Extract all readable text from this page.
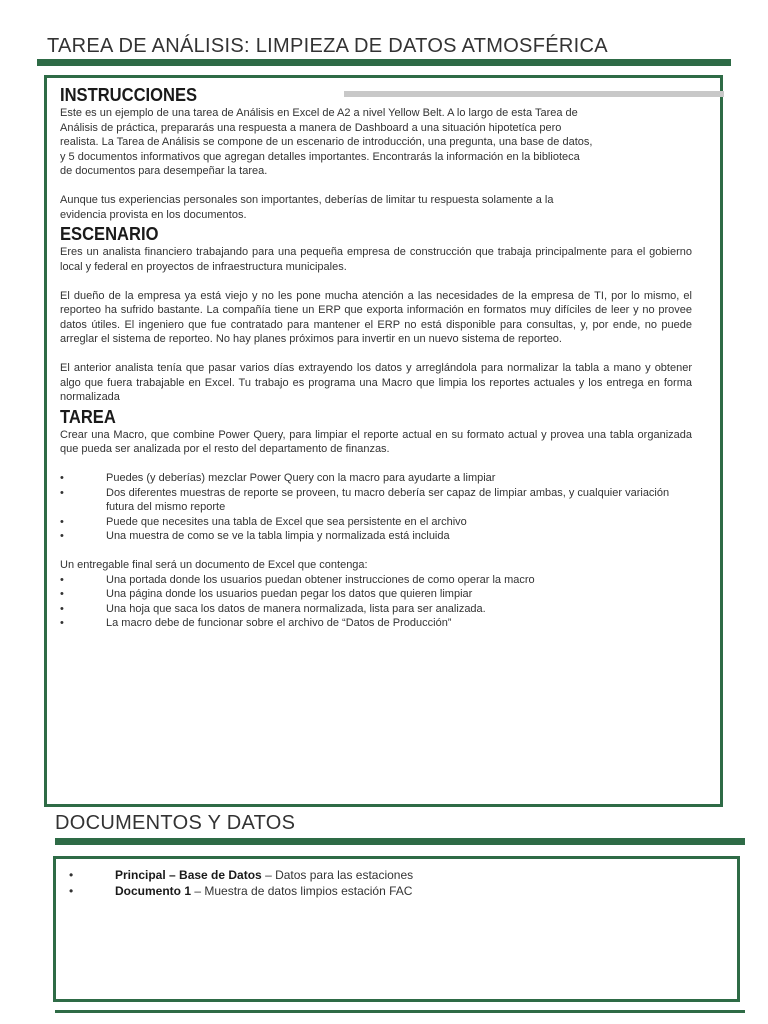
TAREA DE ANÁLISIS: LIMPIEZA DE DATOS ATMOSFÉRICA
INSTRUCCIONES
Este es un ejemplo de una tarea de Análisis en Excel de A2 a nivel Yellow Belt. A lo largo de esta Tarea de
Análisis de práctica, prepararás una respuesta a manera de Dashboard a una situación hipotetíca pero
realista. La Tarea de Análisis se compone de un escenario de introducción, una pregunta, una base de datos,
y 5 documentos informativos que agregan detalles importantes. Encontrarás la información en la biblioteca
de documentos para desempeñar la tarea.
Aunque tus experiencias personales son importantes, deberías de limitar tu respuesta solamente a la
evidencia provista en los documentos.
ESCENARIO

Eres un analista financiero trabajando para una pequeña empresa de construcción que trabaja principalmente para el gobierno local y federal en proyectos de infraestructura municipales.

El dueño de la empresa ya está viejo y no les pone mucha atención a las necesidades de la empresa de TI, por lo mismo, el reporteo ha sufrido bastante. La compañía tiene un ERP que exporta información en formatos muy difíciles de leer y no provee datos útiles. El ingeniero que fue contratado para mantener el ERP no está disponible para consultas, y, por ende, no puede arreglar el sistema de reporteo. No hay planes próximos para invertir en un nuevo sistema de reporteo.

El anterior analista tenía que pasar varios días extrayendo los datos y arreglándola para normalizar la tabla a mano y obtener algo que fuera trabajable en Excel. Tu trabajo es programa una Macro que limpia los reportes actuales y los entrega en forma normalizada

TAREA

Crear una Macro, que combine Power Query, para limpiar el reporte actual en su formato actual y provea una tabla organizada que pueda ser analizada por el resto del departamento de finanzas.

•	Puedes (y deberías) mezclar Power Query con la macro para ayudarte a limpiar
•	Dos diferentes muestras de reporte se proveen, tu macro debería ser capaz de limpiar ambas, y cualquier variación futura del mismo reporte
•	Puede que necesites una tabla de Excel que sea persistente en el archivo
•	Una muestra de como se ve la tabla limpia y normalizada está incluida

Un entregable final será un documento de Excel que contenga:

•	Una portada donde los usuarios puedan obtener instrucciones de como operar la macro
•	Una página donde los usuarios puedan pegar los datos que quieren limpiar
•	Una hoja que saca los datos de manera normalizada, lista para ser analizada.
•	La macro debe de funcionar sobre el archivo de “Datos de Producción”
DOCUMENTOS Y DATOS
•	Principal – Base de Datos – Datos para las estaciones
•	Documento 1 – Muestra de datos limpios estación FAC
